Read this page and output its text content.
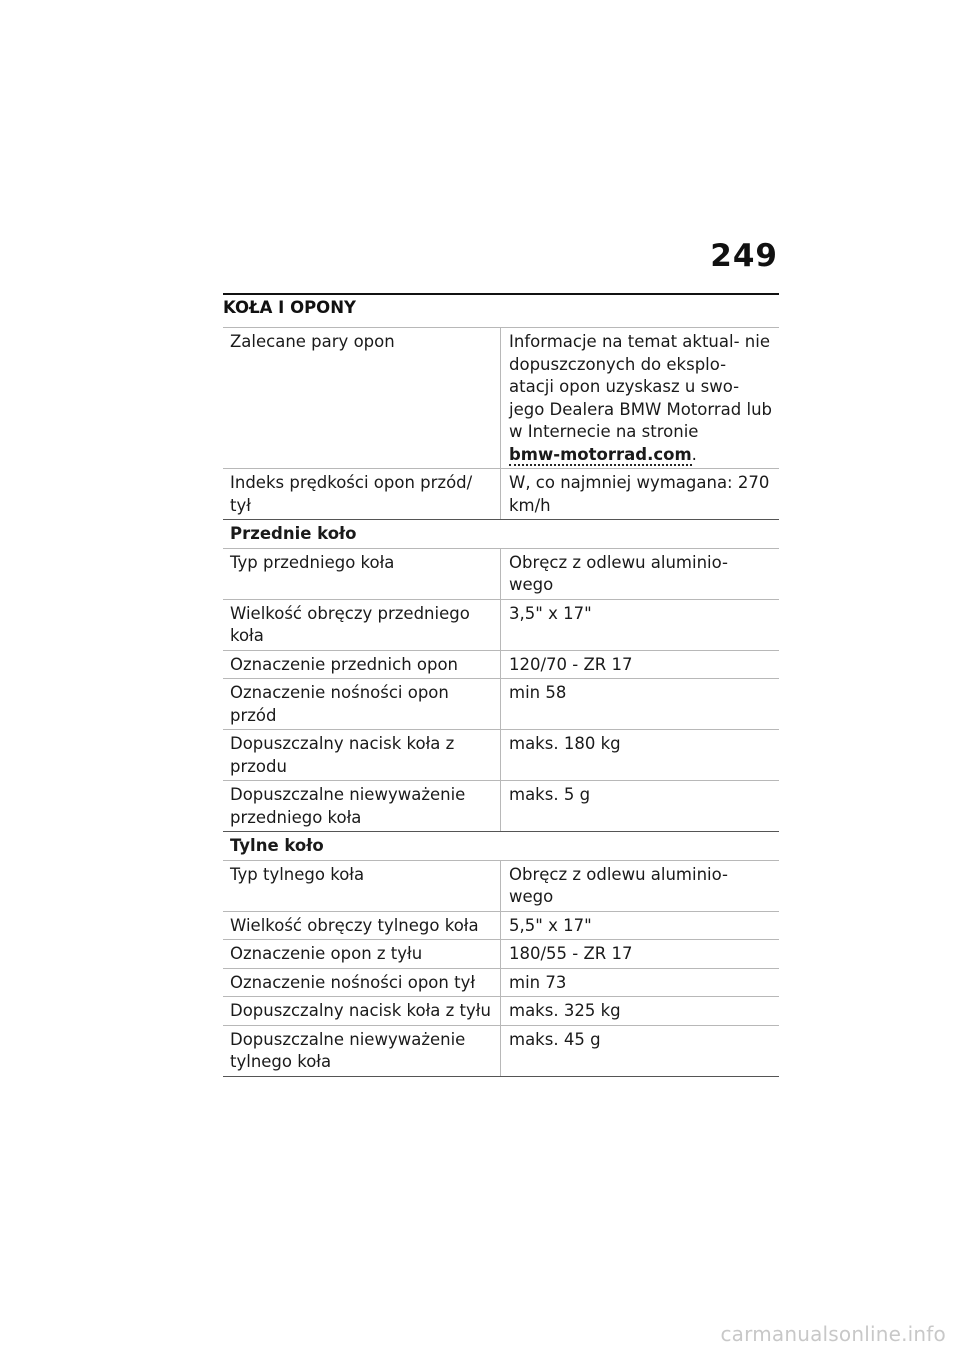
249
KOŁA I OPONY
Zalecane pary opon	Informacje na temat aktual- nie dopuszczonych do eksplo- atacji opon uzyskasz u swo- jego Dealera BMW Motorrad lub w Internecie na stronie
bmw-motorrad.com.
Indeks prędkości opon przód/ tył	W, co najmniej wymagana: 270 km/h
Przednie koło	
Typ przedniego koła	Obręcz z odlewu aluminio- wego
Wielkość obręczy przedniego koła	3,5" x 17"
Oznaczenie przednich opon	120/70 - ZR 17
Oznaczenie nośności opon przód	min 58
Dopuszczalny nacisk koła z przodu	maks. 180 kg
Dopuszczalne niewyważenie przedniego koła	maks. 5 g
Tylne koło	
Typ tylnego koła	Obręcz z odlewu aluminio- wego
Wielkość obręczy tylnego koła	5,5" x 17"
Oznaczenie opon z tyłu	180/55 - ZR 17
Oznaczenie nośności opon tył	min 73
Dopuszczalny nacisk koła z tyłu	maks. 325 kg
Dopuszczalne niewyważenie tylnego koła	maks. 45 g
carmanualsonline.info
